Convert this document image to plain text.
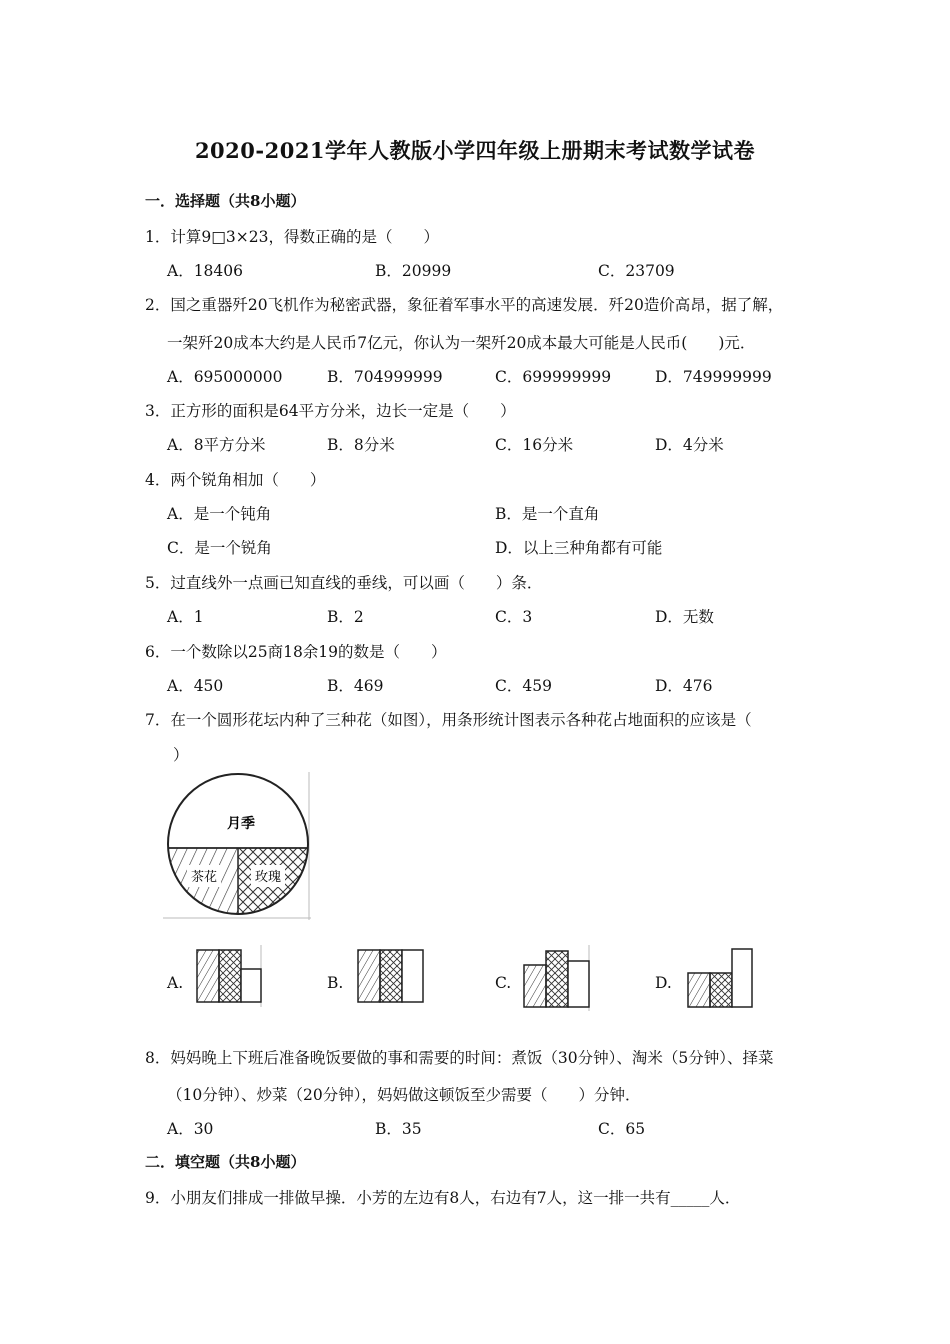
2020-2021学年人教版小学四年级上册期末考试数学试卷
一．选择题（共8小题）
1．计算9□3×23，得数正确的是（　　）
A．18406	B．20999	C．23709
2．国之重器歼20飞机作为秘密武器，象征着军事水平的高速发展．歼20造价高昂，据了解，
一架歼20成本大约是人民币7亿元，你认为一架歼20成本最大可能是人民币(　　)元．
A．695000000	B．704999999	C．699999999	D．749999999
3．正方形的面积是64平方分米，边长一定是（　　）
A．8平方分米	B．8分米	C．16分米	D．4分米
4．两个锐角相加（　　）
A．是一个钝角	B．是一个直角
C．是一个锐角	D．以上三种角都有可能
5．过直线外一点画已知直线的垂线，可以画（　　）条．
A．1	B．2	C．3	D．无数
6．一个数除以25商18余19的数是（　　）
A．450	B．469	C．459	D．476
7．在一个圆形花坛内种了三种花（如图），用条形统计图表示各种花占地面积的应该是（
）
月季
茶花	玫瑰
A.	B.	C.	D.
8．妈妈晚上下班后准备晚饭要做的事和需要的时间：煮饭（30分钟）、淘米（5分钟）、择菜
（10分钟）、炒菜（20分钟），妈妈做这顿饭至少需要（　　）分钟．
A．30	B．35	C．65
二．填空题（共8小题）
9．小朋友们排成一排做早操．小芳的左边有8人，右边有7人，这一排一共有_____人．
